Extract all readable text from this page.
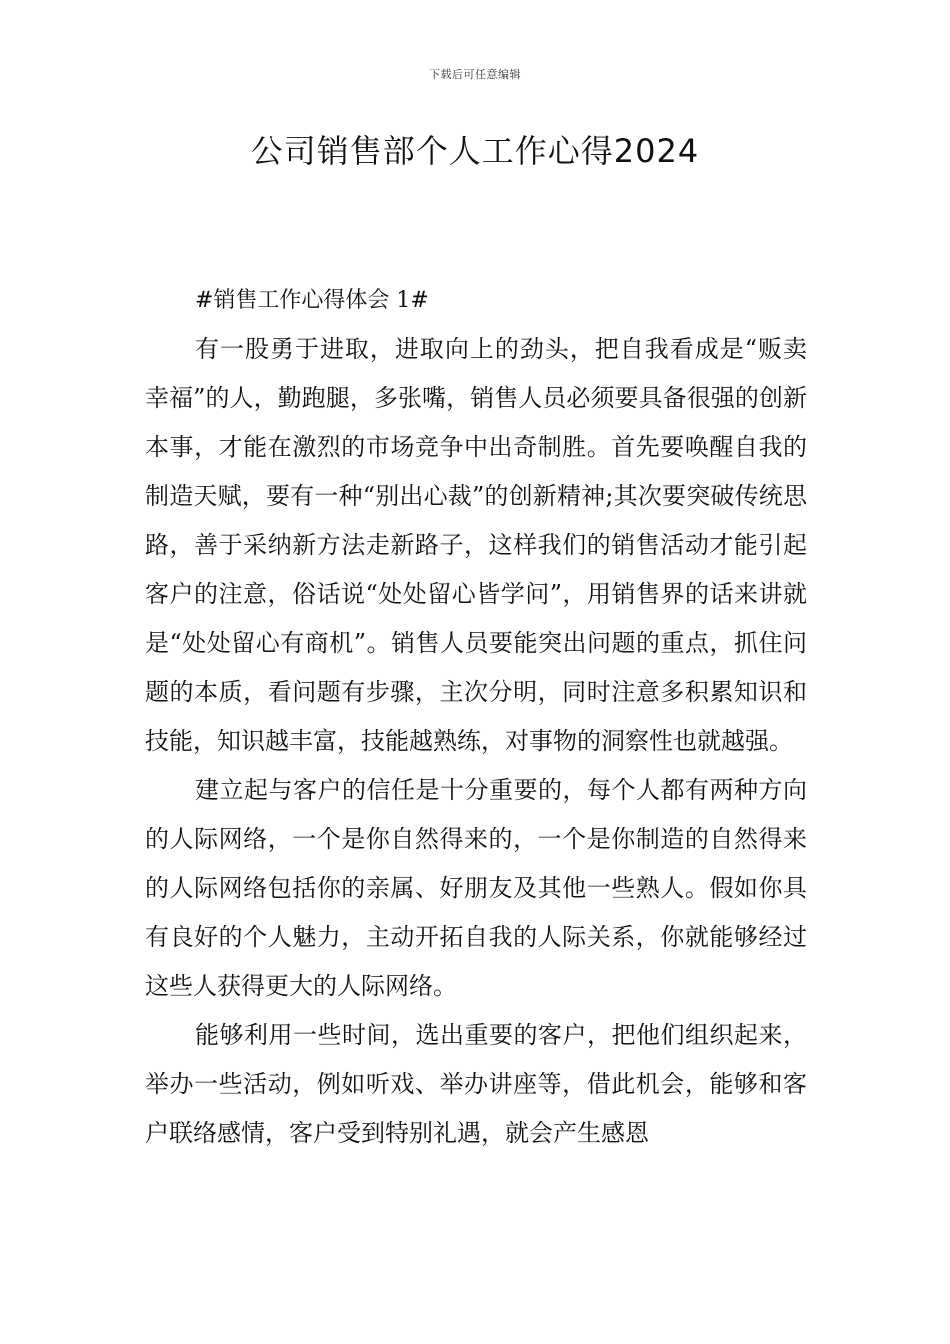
下载后可任意编辑
公司销售部个人工作心得2024

#销售工作心得体会 1#

有一股勇于进取，进取向上的劲头，把自我看成是“贩卖幸福”的人，勤跑腿，多张嘴，销售人员必须要具备很强的创新本事，才能在激烈的市场竞争中出奇制胜。首先要唤醒自我的制造天赋，要有一种“别出心裁”的创新精神;其次要突破传统思路，善于采纳新方法走新路子，这样我们的销售活动才能引起客户的注意，俗话说“处处留心皆学问”，用销售界的话来讲就是“处处留心有商机”。销售人员要能突出问题的重点，抓住问题的本质，看问题有步骤，主次分明，同时注意多积累知识和技能，知识越丰富，技能越熟练，对事物的洞察性也就越强。

建立起与客户的信任是十分重要的，每个人都有两种方向的人际网络，一个是你自然得来的，一个是你制造的自然得来的人际网络包括你的亲属、好朋友及其他一些熟人。假如你具有良好的个人魅力，主动开拓自我的人际关系，你就能够经过这些人获得更大的人际网络。

能够利用一些时间，选出重要的客户，把他们组织起来，举办一些活动，例如听戏、举办讲座等，借此机会，能够和客户联络感情，客户受到特别礼遇，就会产生感恩
